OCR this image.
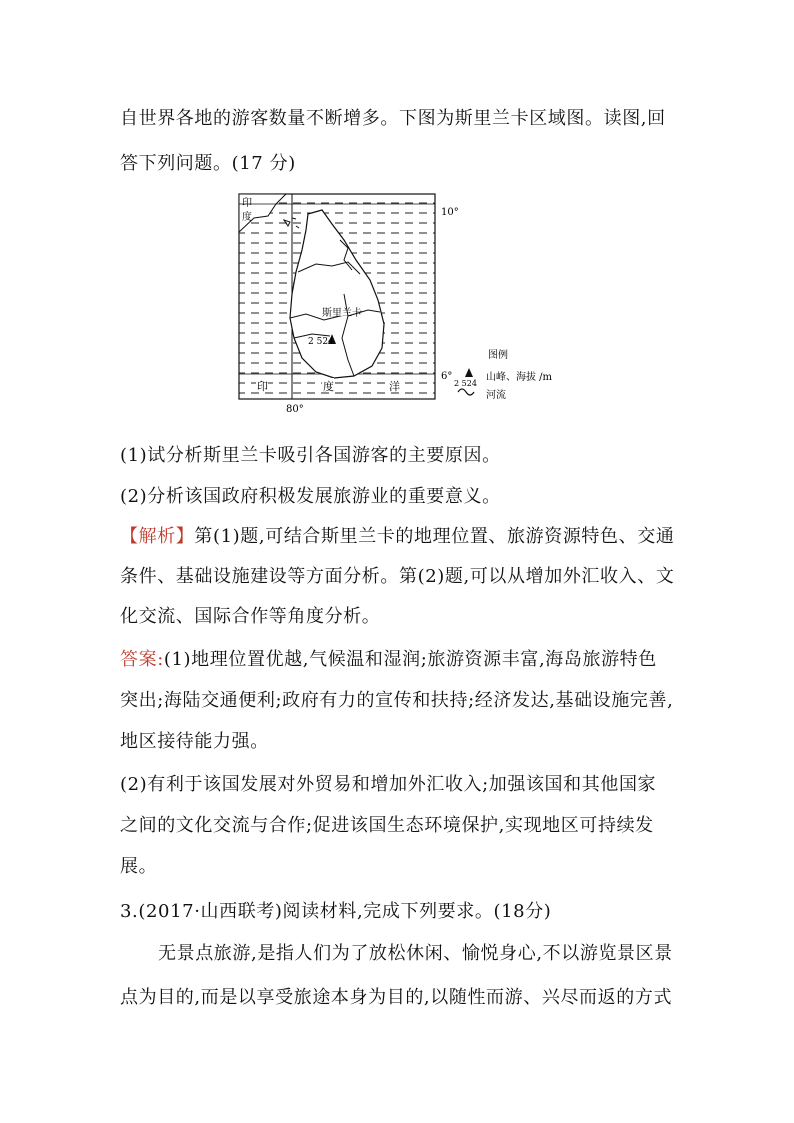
自世界各地的游客数量不断增多。下图为斯里兰卡区域图。读图,回
答下列问题。(17 分)
印
度	10°
6°
80°
斯里兰卡
2 524
印	度	洋
图例
2 524
山峰、海拔 /m
河流
(1)试分析斯里兰卡吸引各国游客的主要原因。
(2)分析该国政府积极发展旅游业的重要意义。
【解析】第(1)题,可结合斯里兰卡的地理位置、旅游资源特色、交通
条件、基础设施建设等方面分析。第(2)题,可以从增加外汇收入、文
化交流、国际合作等角度分析。
答案:(1)地理位置优越,气候温和湿润;旅游资源丰富,海岛旅游特色
突出;海陆交通便利;政府有力的宣传和扶持;经济发达,基础设施完善,
地区接待能力强。
(2)有利于该国发展对外贸易和增加外汇收入;加强该国和其他国家
之间的文化交流与合作;促进该国生态环境保护,实现地区可持续发
展。
3.(2017·山西联考)阅读材料,完成下列要求。(18分)
无景点旅游,是指人们为了放松休闲、愉悦身心,不以游览景区景
点为目的,而是以享受旅途本身为目的,以随性而游、兴尽而返的方式
